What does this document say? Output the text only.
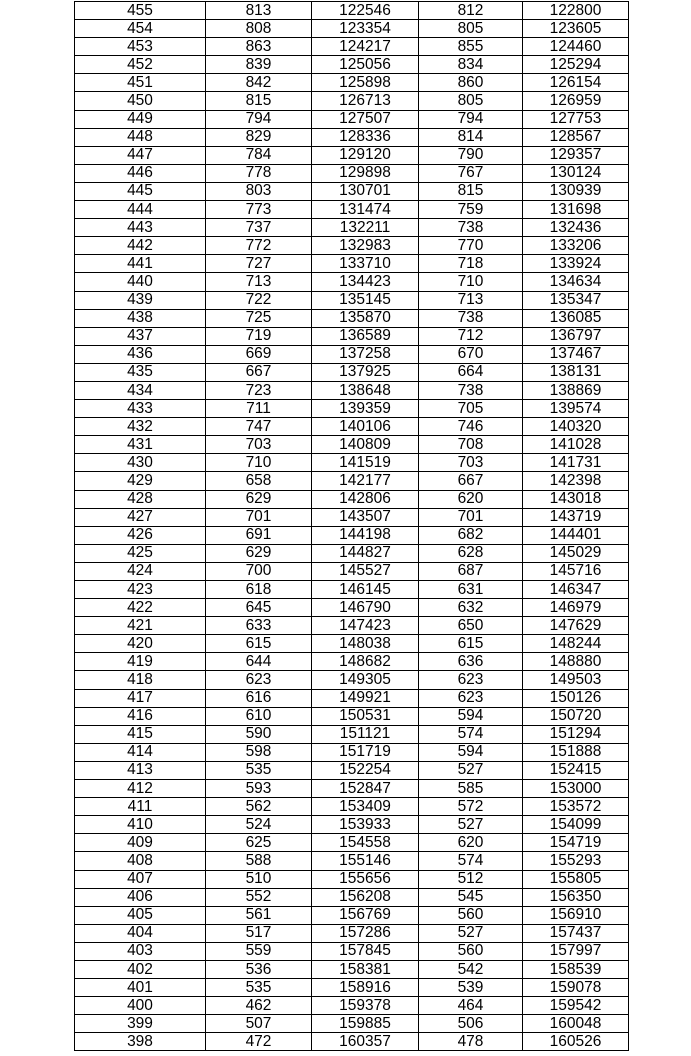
455	813	122546	812	122800
454	808	123354	805	123605
453	863	124217	855	124460
452	839	125056	834	125294
451	842	125898	860	126154
450	815	126713	805	126959
449	794	127507	794	127753
448	829	128336	814	128567
447	784	129120	790	129357
446	778	129898	767	130124
445	803	130701	815	130939
444	773	131474	759	131698
443	737	132211	738	132436
442	772	132983	770	133206
441	727	133710	718	133924
440	713	134423	710	134634
439	722	135145	713	135347
438	725	135870	738	136085
437	719	136589	712	136797
436	669	137258	670	137467
435	667	137925	664	138131
434	723	138648	738	138869
433	711	139359	705	139574
432	747	140106	746	140320
431	703	140809	708	141028
430	710	141519	703	141731
429	658	142177	667	142398
428	629	142806	620	143018
427	701	143507	701	143719
426	691	144198	682	144401
425	629	144827	628	145029
424	700	145527	687	145716
423	618	146145	631	146347
422	645	146790	632	146979
421	633	147423	650	147629
420	615	148038	615	148244
419	644	148682	636	148880
418	623	149305	623	149503
417	616	149921	623	150126
416	610	150531	594	150720
415	590	151121	574	151294
414	598	151719	594	151888
413	535	152254	527	152415
412	593	152847	585	153000
411	562	153409	572	153572
410	524	153933	527	154099
409	625	154558	620	154719
408	588	155146	574	155293
407	510	155656	512	155805
406	552	156208	545	156350
405	561	156769	560	156910
404	517	157286	527	157437
403	559	157845	560	157997
402	536	158381	542	158539
401	535	158916	539	159078
400	462	159378	464	159542
399	507	159885	506	160048
398	472	160357	478	160526
